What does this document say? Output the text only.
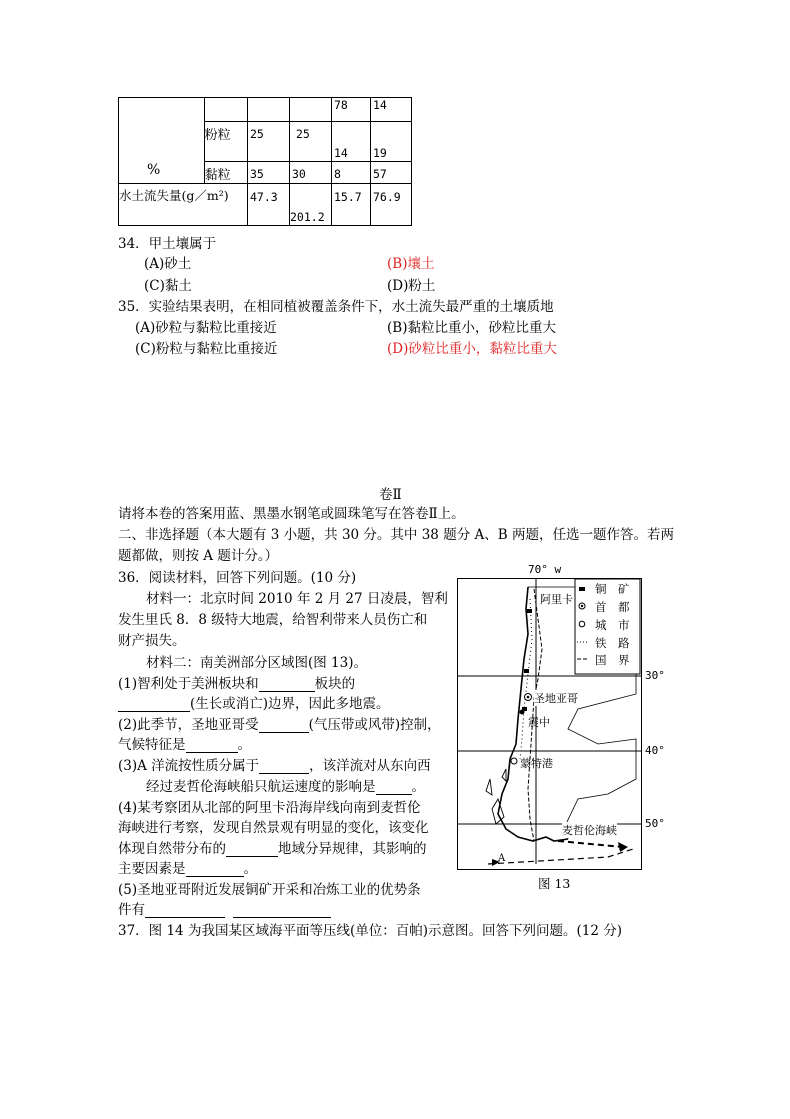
%				78	14

	粉粒	25	25	14	19

	黏粒	35	30	8	57

水土流失量(g／m²)		47.3	201.2	15.7	76.9
34．甲土壤属于
(A)砂土	(B)壤土
(C)黏土	(D)粉土
35．实验结果表明，在相同植被覆盖条件下，水土流失最严重的土壤质地
(A)砂粒与黏粒比重接近	(B)黏粒比重小，砂粒比重大
(C)粉粒与黏粒比重接近	(D)砂粒比重小，黏粒比重大
卷Ⅱ
请将本卷的答案用蓝、黑墨水钢笔或圆珠笔写在答卷Ⅱ上。
二、非选择题（本大题有 3 小题，共 30 分。其中 38 题分 A、B 两题，任选一题作答。若两
题都做，则按 A 题计分。）
36．阅读材料，回答下列问题。(10 分)
材料一：北京时间 2010 年 2 月 27 日凌晨，智利
发生里氏 8．8 级特大地震，给智利带来人员伤亡和
财产损失。
材料二：南美洲部分区域图(图 13)。
(1)智利处于美洲板块和	板块的
(生长或消亡)边界，因此多地震。
(2)此季节，圣地亚哥受	(气压带或风带)控制，
气候特征是	。
(3)A 洋流按性质分属于	，该洋流对从东向西
经过麦哲伦海峡船只航运速度的影响是	。
(4)某考察团从北部的阿里卡沿海岸线向南到麦哲伦
海峡进行考察，发现自然景观有明显的变化，该变化
体现自然带分布的	地域分异规律，其影响的
主要因素是	。
(5)圣地亚哥附近发展铜矿开采和冶炼工业的优势条
件有
70° w
铜　矿
首　都
城　市
铁　路
国　界
阿里卡
圣地亚哥
震中
蒙特港
麦哲伦海峡
A
30°
40°
50°
图 13
37．图 14 为我国某区域海平面等压线(单位：百帕)示意图。回答下列问题。(12 分)
